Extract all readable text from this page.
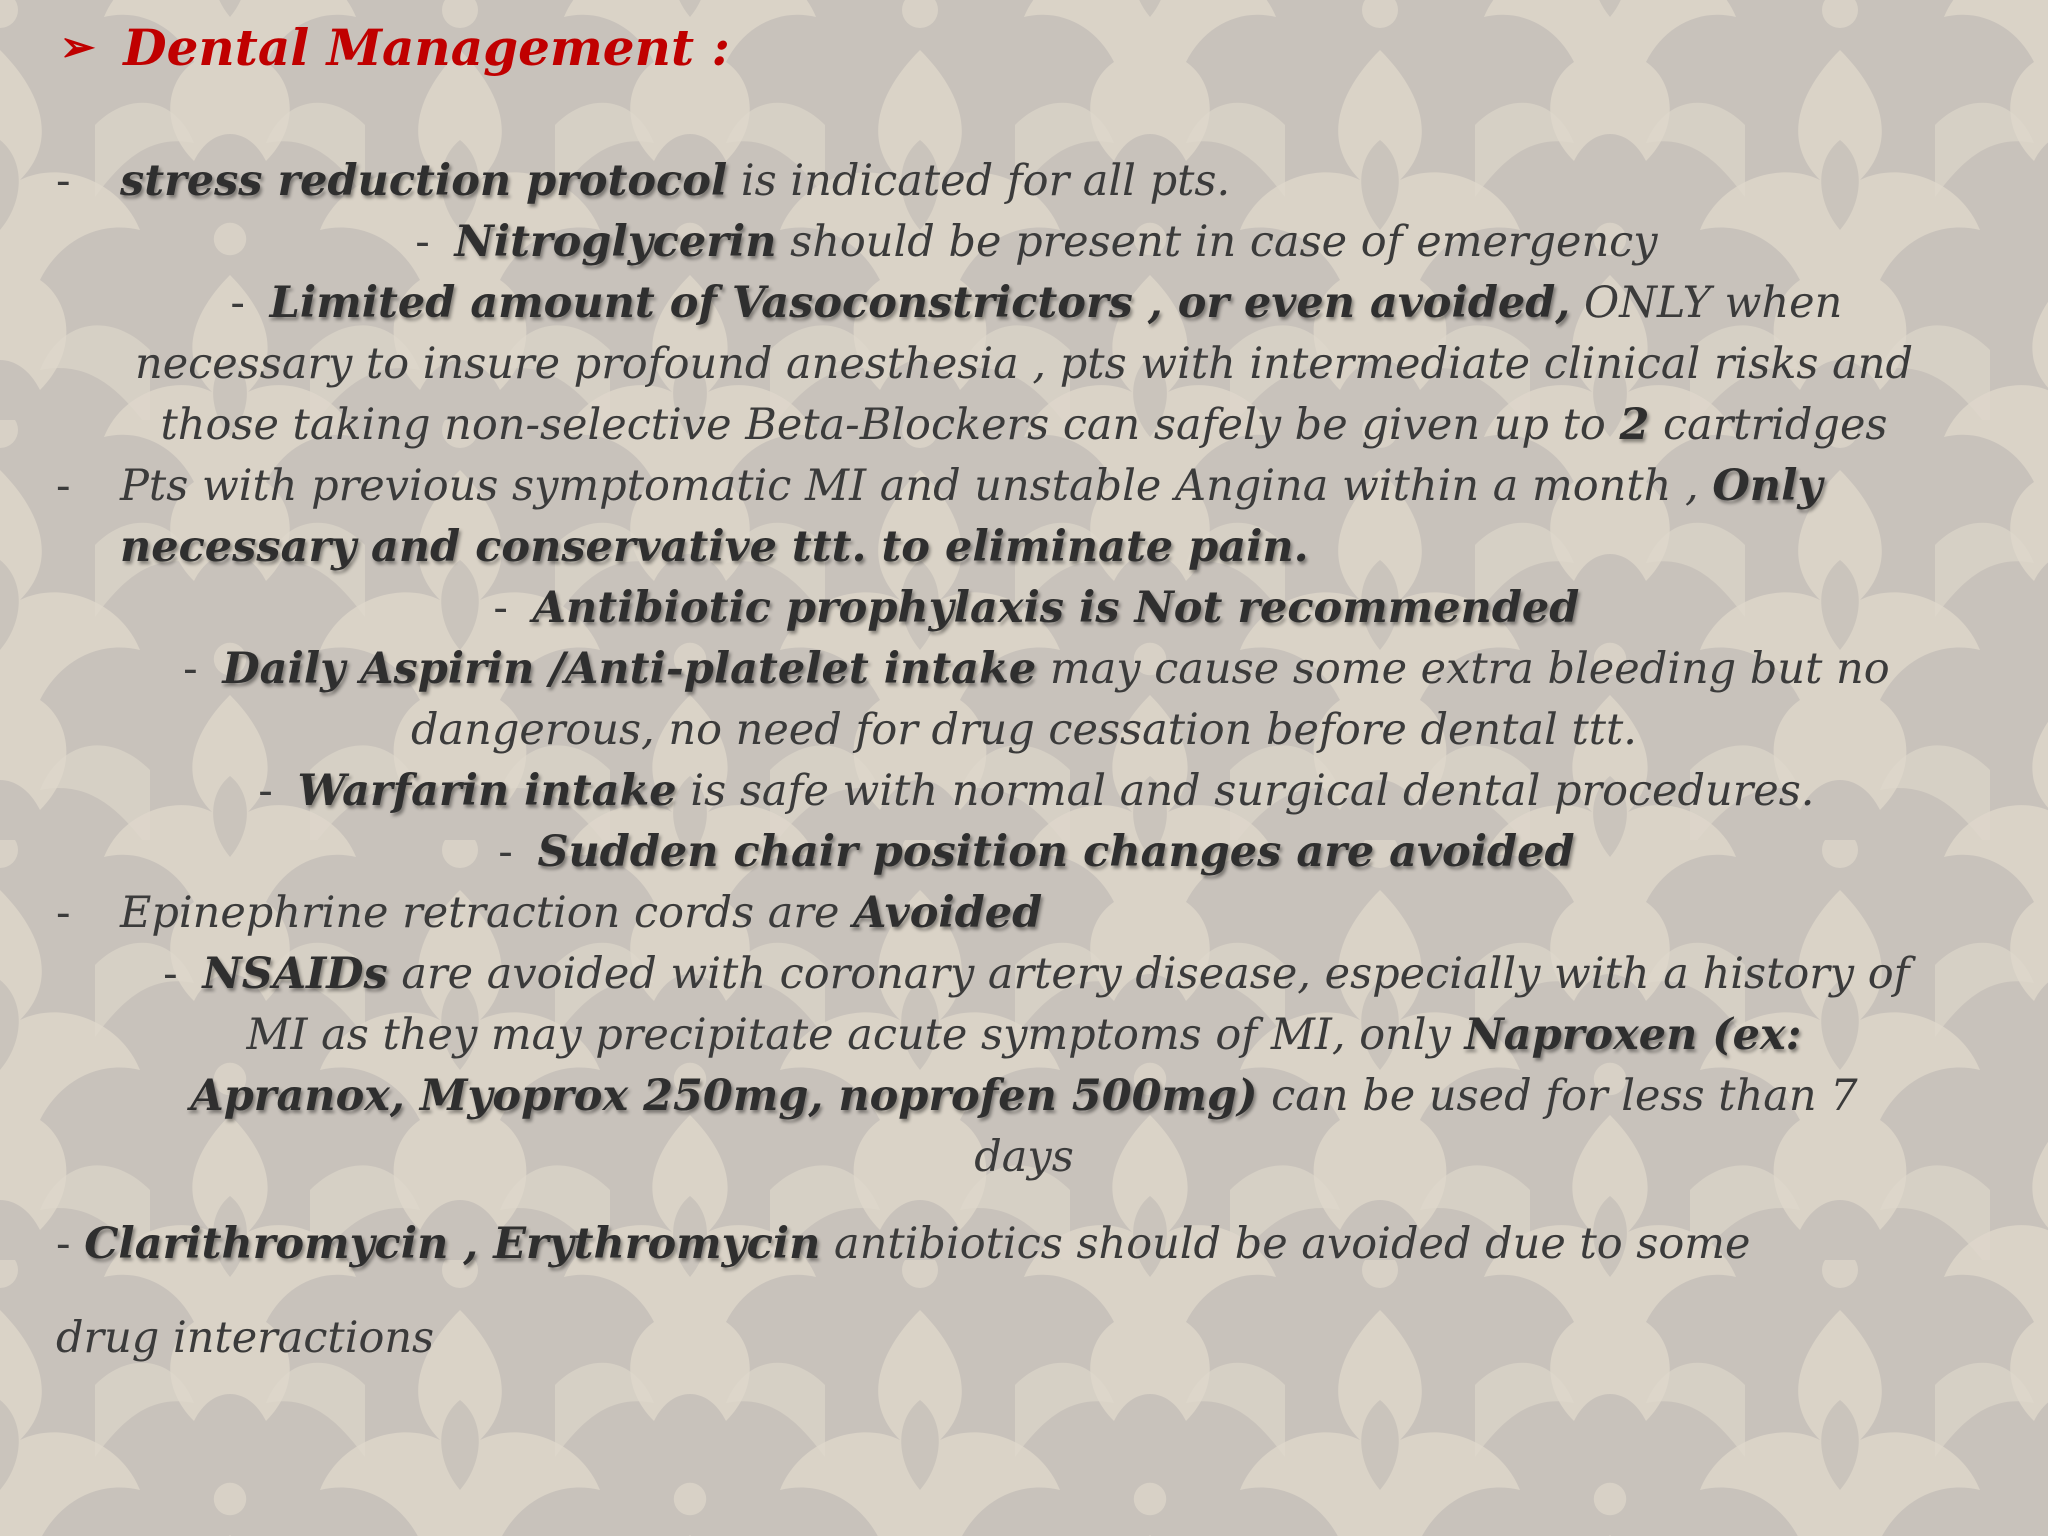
➢ Dental Management :
- stress reduction protocol is indicated for all pts.
- Nitroglycerin should be present in case of emergency
- Limited amount of Vasoconstrictors , or even avoided, ONLY when
necessary to insure profound anesthesia , pts with intermediate clinical risks and
those taking non-selective Beta-Blockers can safely be given up to 2 cartridges
- Pts with previous symptomatic MI and unstable Angina within a month , Only
necessary and conservative ttt. to eliminate pain.
- Antibiotic prophylaxis is Not recommended
- Daily Aspirin /Anti-platelet intake may cause some extra bleeding but no
dangerous, no need for drug cessation before dental ttt.
- Warfarin intake is safe with normal and surgical dental procedures.
- Sudden chair position changes are avoided
- Epinephrine retraction cords are Avoided
- NSAIDs are avoided with coronary artery disease, especially with a history of
MI as they may precipitate acute symptoms of MI, only Naproxen (ex:
Apranox, Myoprox 250mg, noprofen 500mg) can be used for less than 7
days
- Clarithromycin , Erythromycin antibiotics should be avoided due to some
drug interactions
